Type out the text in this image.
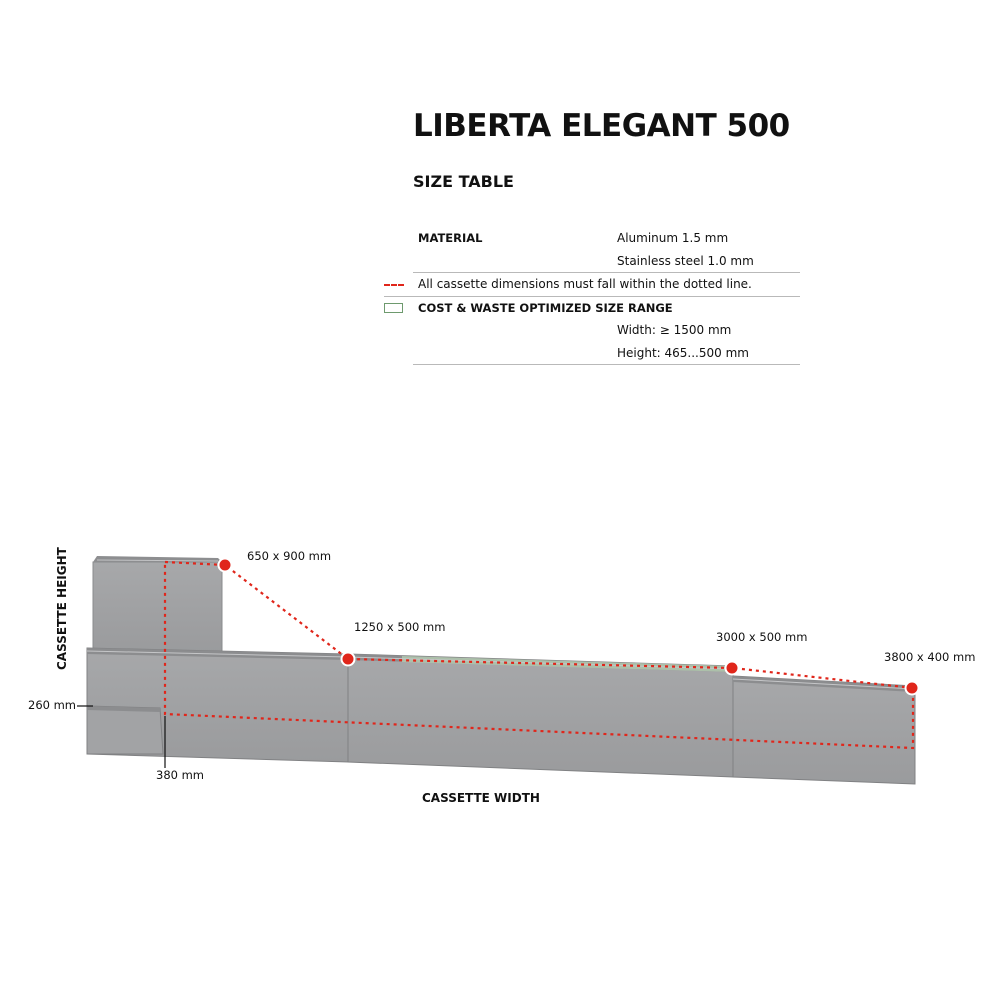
LIBERTA ELEGANT 500
SIZE TABLE
MATERIAL	Aluminum 1.5 mm
Stainless steel 1.0 mm
All cassette dimensions must fall within the dotted line.
COST & WASTE OPTIMIZED SIZE RANGE
Width: ≥ 1500 mm
Height: 465...500 mm
650 x 900 mm
1250 x 500 mm
3000 x 500 mm
3800 x 400 mm
CASSETTE WIDTH
CASSETTE HEIGHT
260 mm
380 mm
